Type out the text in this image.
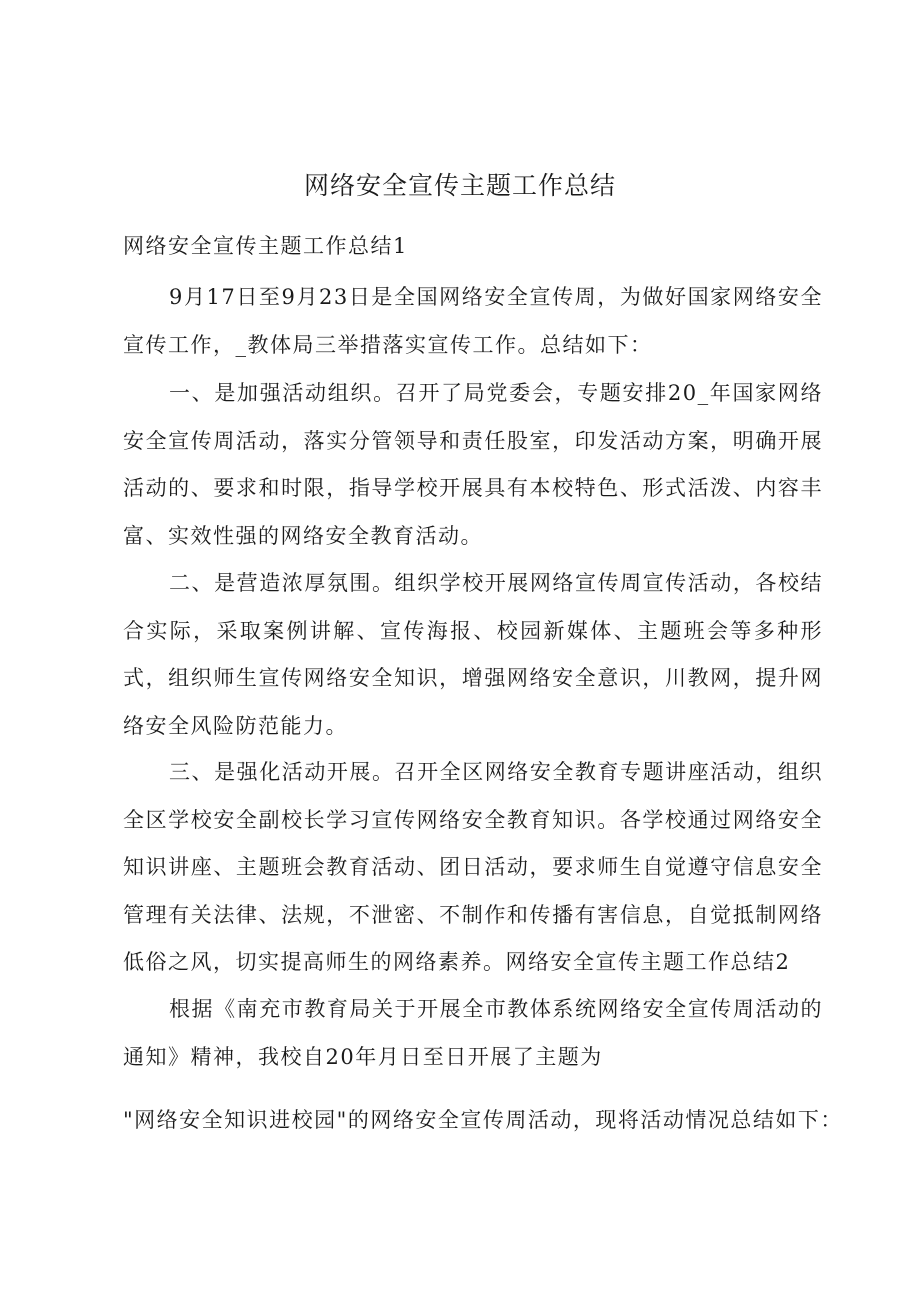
网络安全宣传主题工作总结
网络安全宣传主题工作总结1

9月17日至9月23日是全国网络安全宣传周，为做好国家网络安全宣传工作，_教体局三举措落实宣传工作。总结如下：

一、是加强活动组织。召开了局党委会，专题安排20_年国家网络安全宣传周活动，落实分管领导和责任股室，印发活动方案，明确开展活动的、要求和时限，指导学校开展具有本校特色、形式活泼、内容丰富、实效性强的网络安全教育活动。

二、是营造浓厚氛围。组织学校开展网络宣传周宣传活动，各校结合实际，采取案例讲解、宣传海报、校园新媒体、主题班会等多种形式，组织师生宣传网络安全知识，增强网络安全意识，川教网，提升网络安全风险防范能力。

三、是强化活动开展。召开全区网络安全教育专题讲座活动，组织全区学校安全副校长学习宣传网络安全教育知识。各学校通过网络安全知识讲座、主题班会教育活动、团日活动，要求师生自觉遵守信息安全管理有关法律、法规，不泄密、不制作和传播有害信息，自觉抵制网络低俗之风，切实提高师生的网络素养。网络安全宣传主题工作总结2

根据《南充市教育局关于开展全市教体系统网络安全宣传周活动的通知》精神，我校自20年月日至日开展了主题为

"网络安全知识进校园"的网络安全宣传周活动，现将活动情况总结如下：
